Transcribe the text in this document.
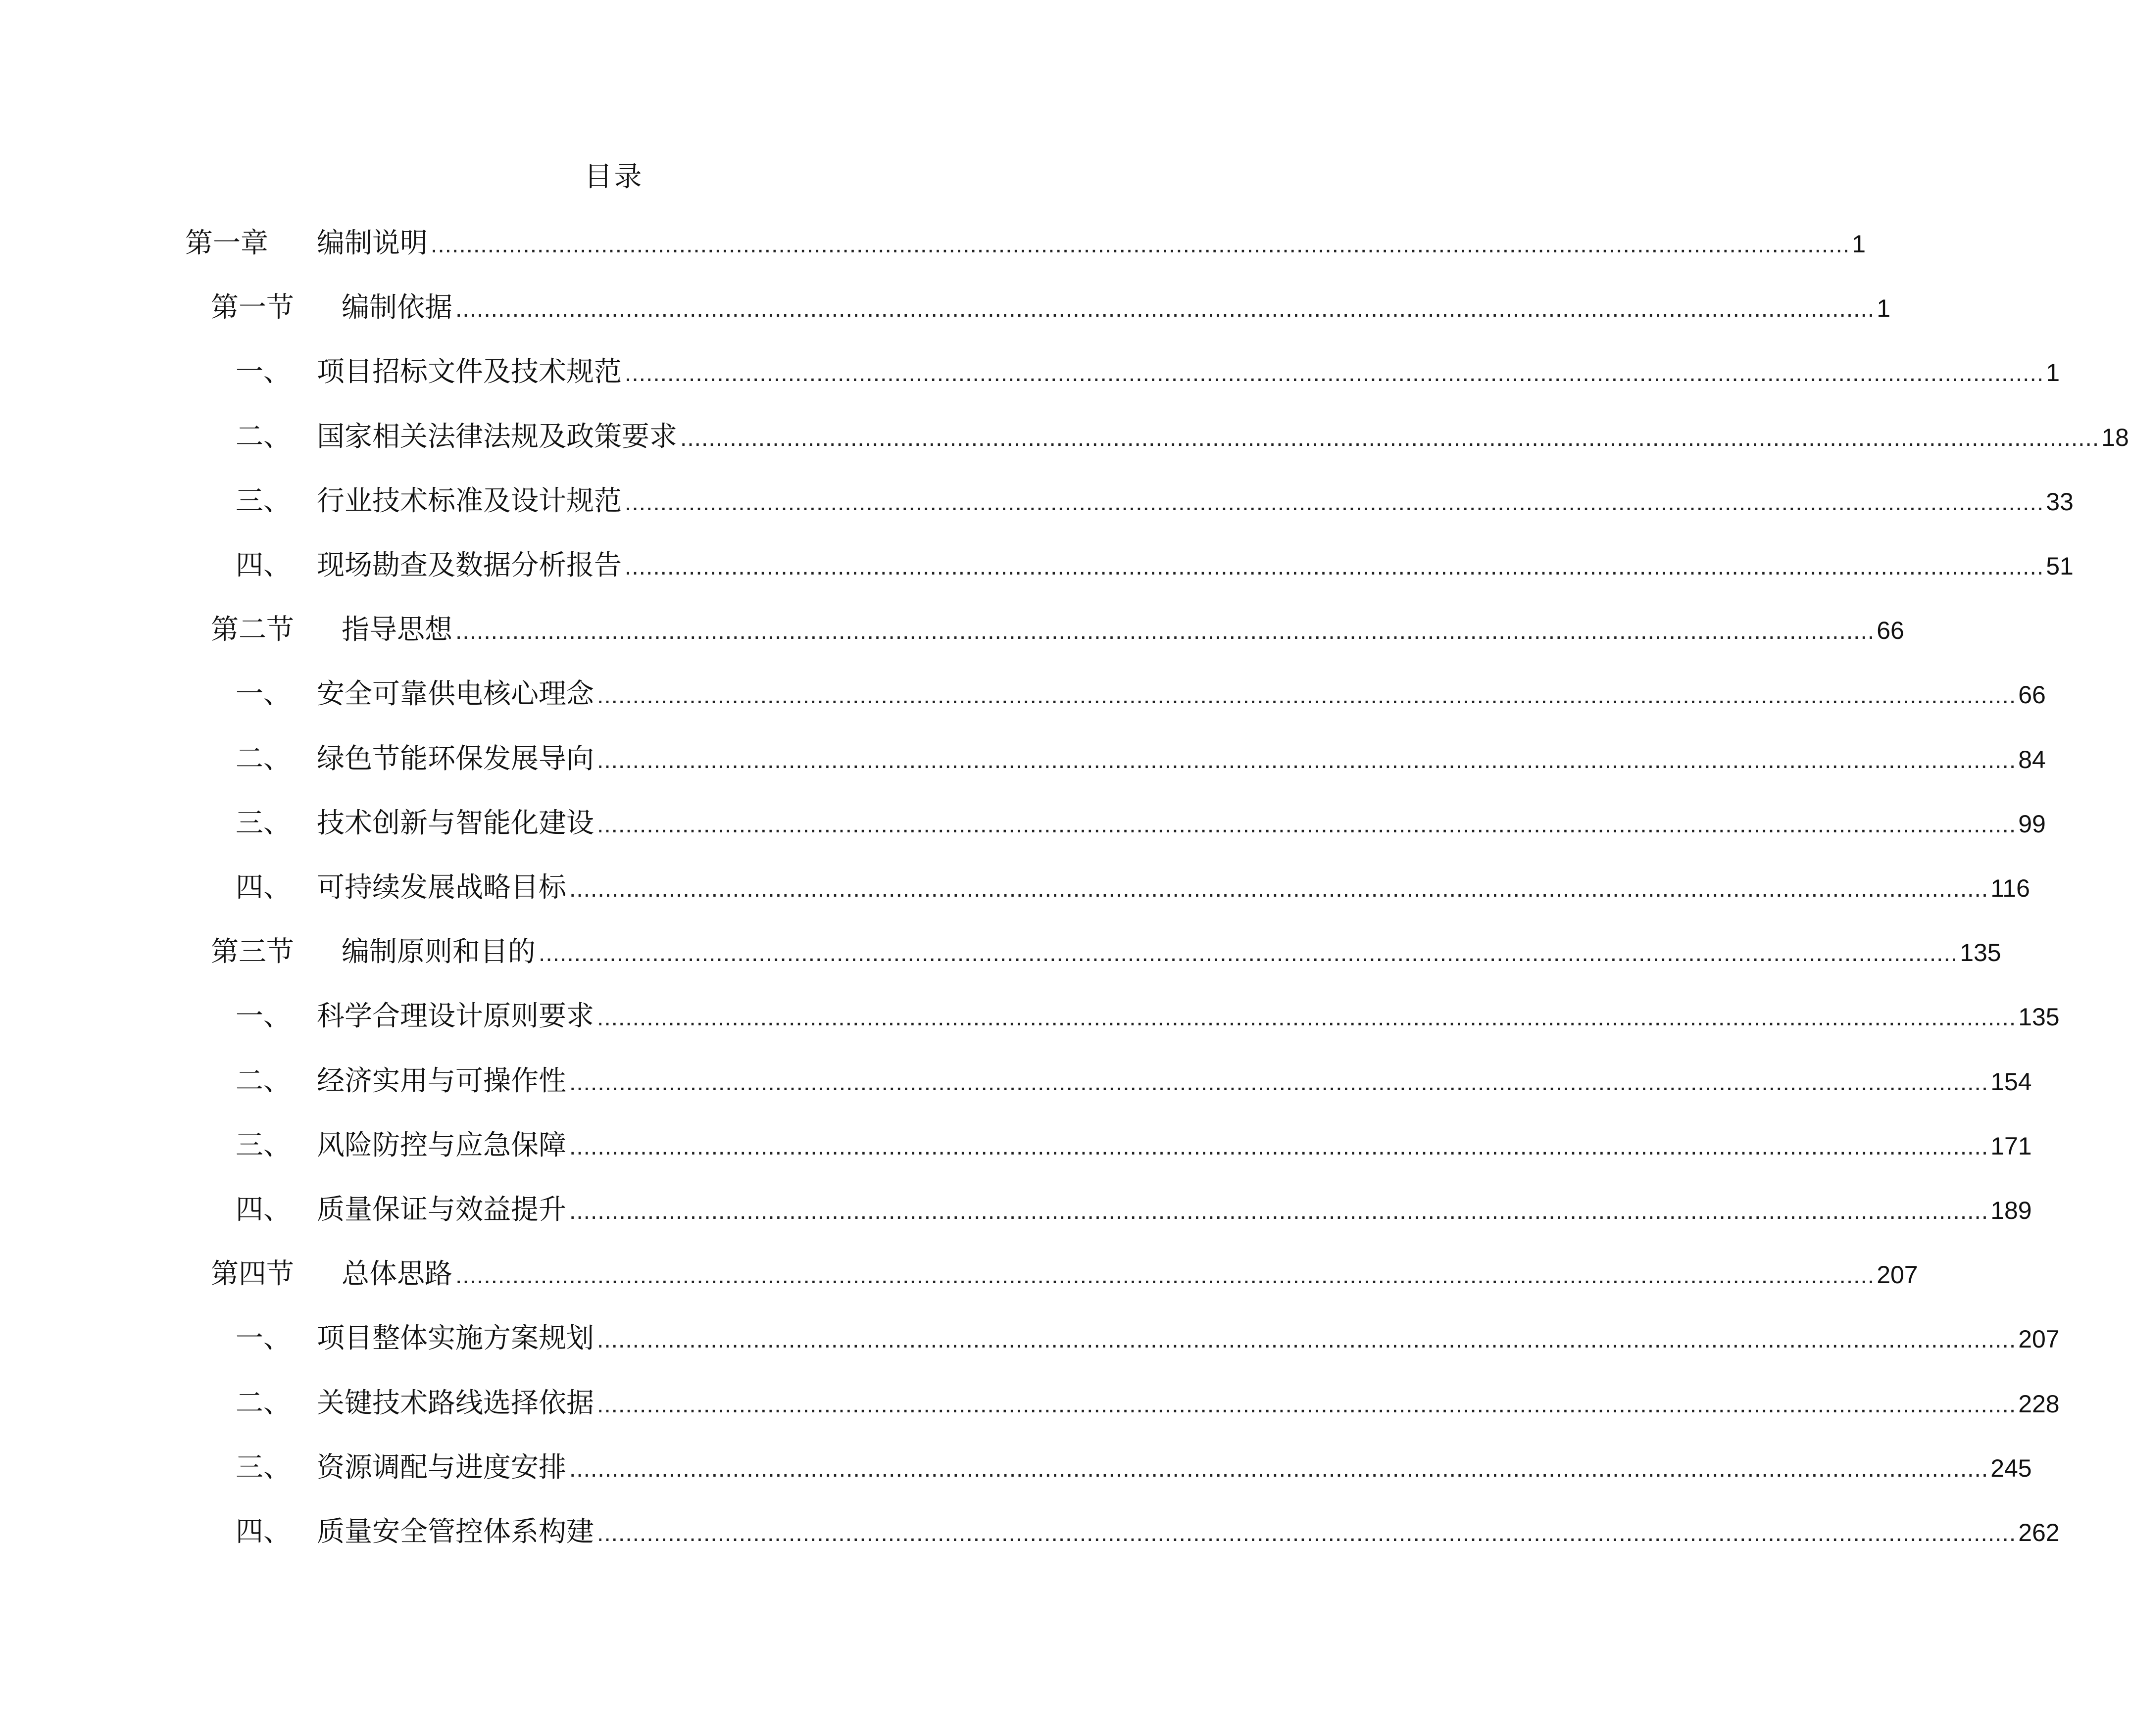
目录
第一章	编制说明 ........................................................................................................................................................................................................ 1
第一节	编制依据 ........................................................................................................................................................................................................ 1
一、 项目招标文件及技术规范 ........................................................................................................................................................................................................ 1
二、 国家相关法律法规及政策要求 ........................................................................................................................................................................................................ 18
三、 行业技术标准及设计规范 ........................................................................................................................................................................................................ 33
四、 现场勘查及数据分析报告 ........................................................................................................................................................................................................ 51
第二节	指导思想 ........................................................................................................................................................................................................ 66
一、 安全可靠供电核心理念 ........................................................................................................................................................................................................ 66
二、 绿色节能环保发展导向 ........................................................................................................................................................................................................ 84
三、 技术创新与智能化建设 ........................................................................................................................................................................................................ 99
四、 可持续发展战略目标 ........................................................................................................................................................................................................ 116
第三节	编制原则和目的 ........................................................................................................................................................................................................ 135
一、 科学合理设计原则要求 ........................................................................................................................................................................................................ 135
二、 经济实用与可操作性 ........................................................................................................................................................................................................ 154
三、 风险防控与应急保障 ........................................................................................................................................................................................................ 171
四、 质量保证与效益提升 ........................................................................................................................................................................................................ 189
第四节	总体思路 ........................................................................................................................................................................................................ 207
一、 项目整体实施方案规划 ........................................................................................................................................................................................................ 207
二、 关键技术路线选择依据 ........................................................................................................................................................................................................ 228
三、 资源调配与进度安排 ........................................................................................................................................................................................................ 245
四、 质量安全管控体系构建 ........................................................................................................................................................................................................ 262
